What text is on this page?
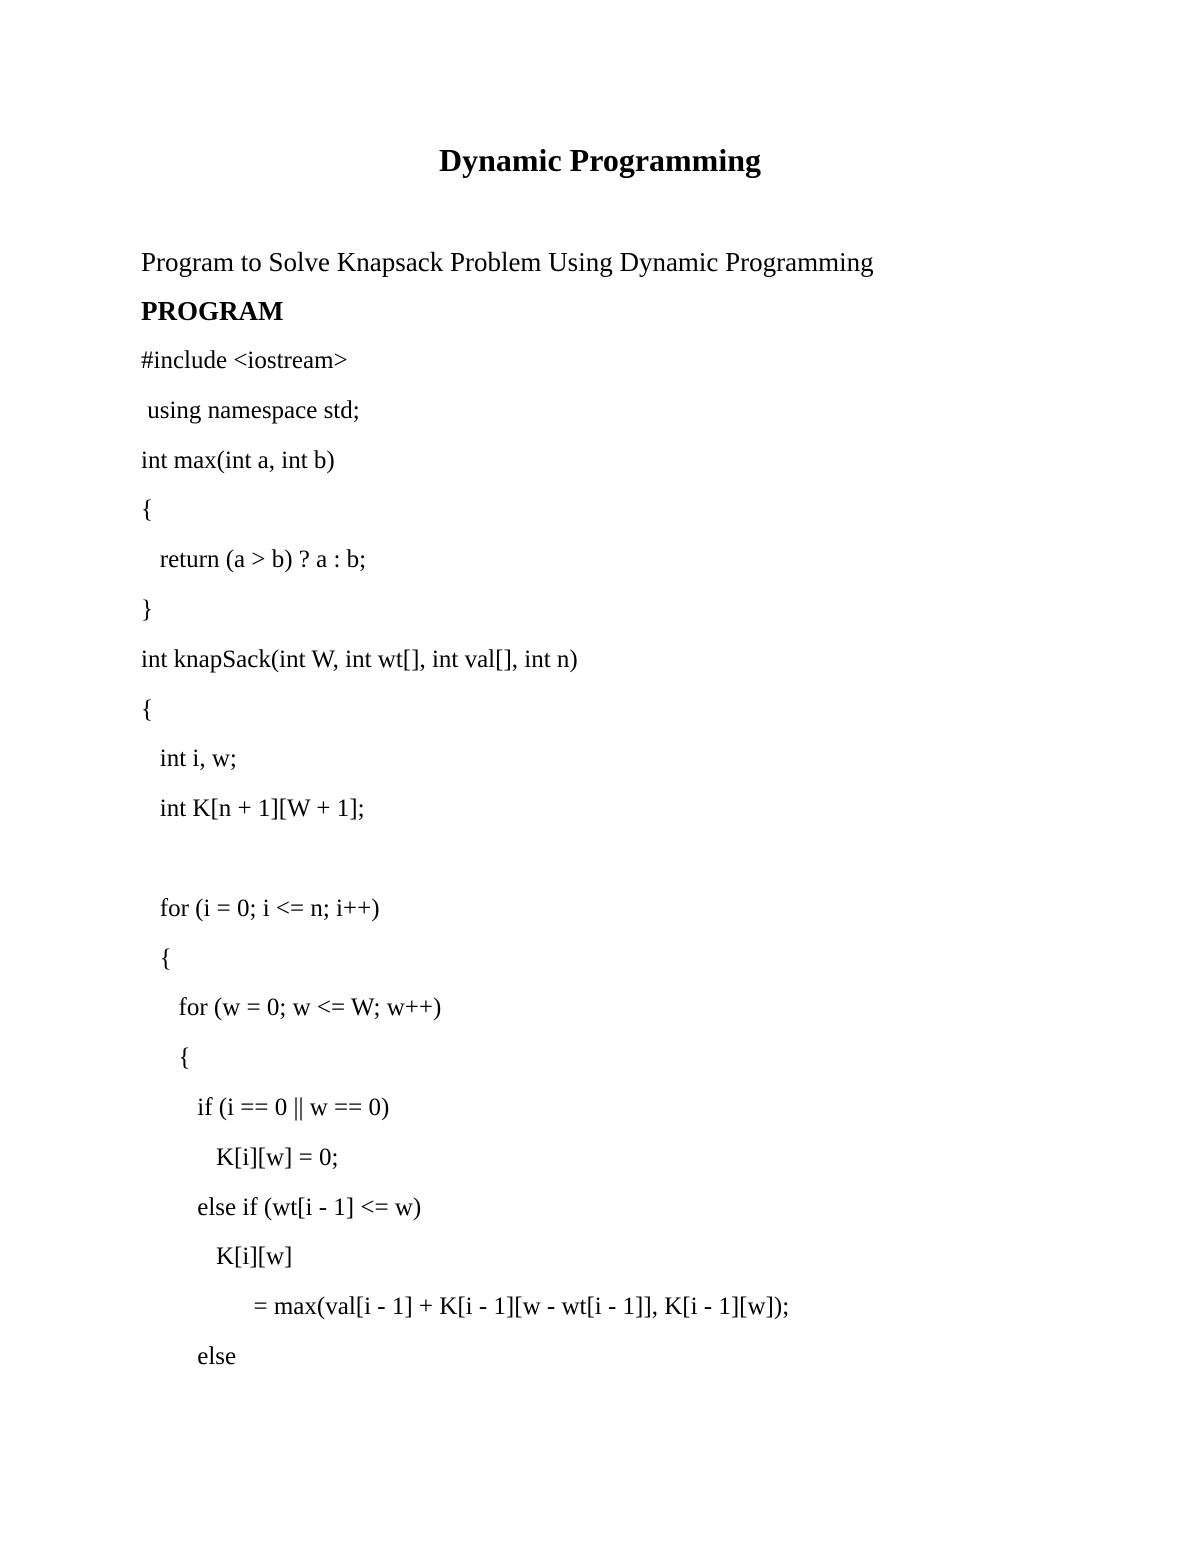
Dynamic Programming
Program to Solve Knapsack Problem Using Dynamic Programming
PROGRAM
#include <iostream>
using namespace std;
int max(int a, int b)
{
return (a > b) ? a : b;
}
int knapSack(int W, int wt[], int val[], int n)
{
int i, w;
int K[n + 1][W + 1];
for (i = 0; i <= n; i++)
{
for (w = 0; w <= W; w++)
{
if (i == 0 || w == 0)
K[i][w] = 0;
else if (wt[i - 1] <= w)
K[i][w]
= max(val[i - 1] + K[i - 1][w - wt[i - 1]], K[i - 1][w]);
else
